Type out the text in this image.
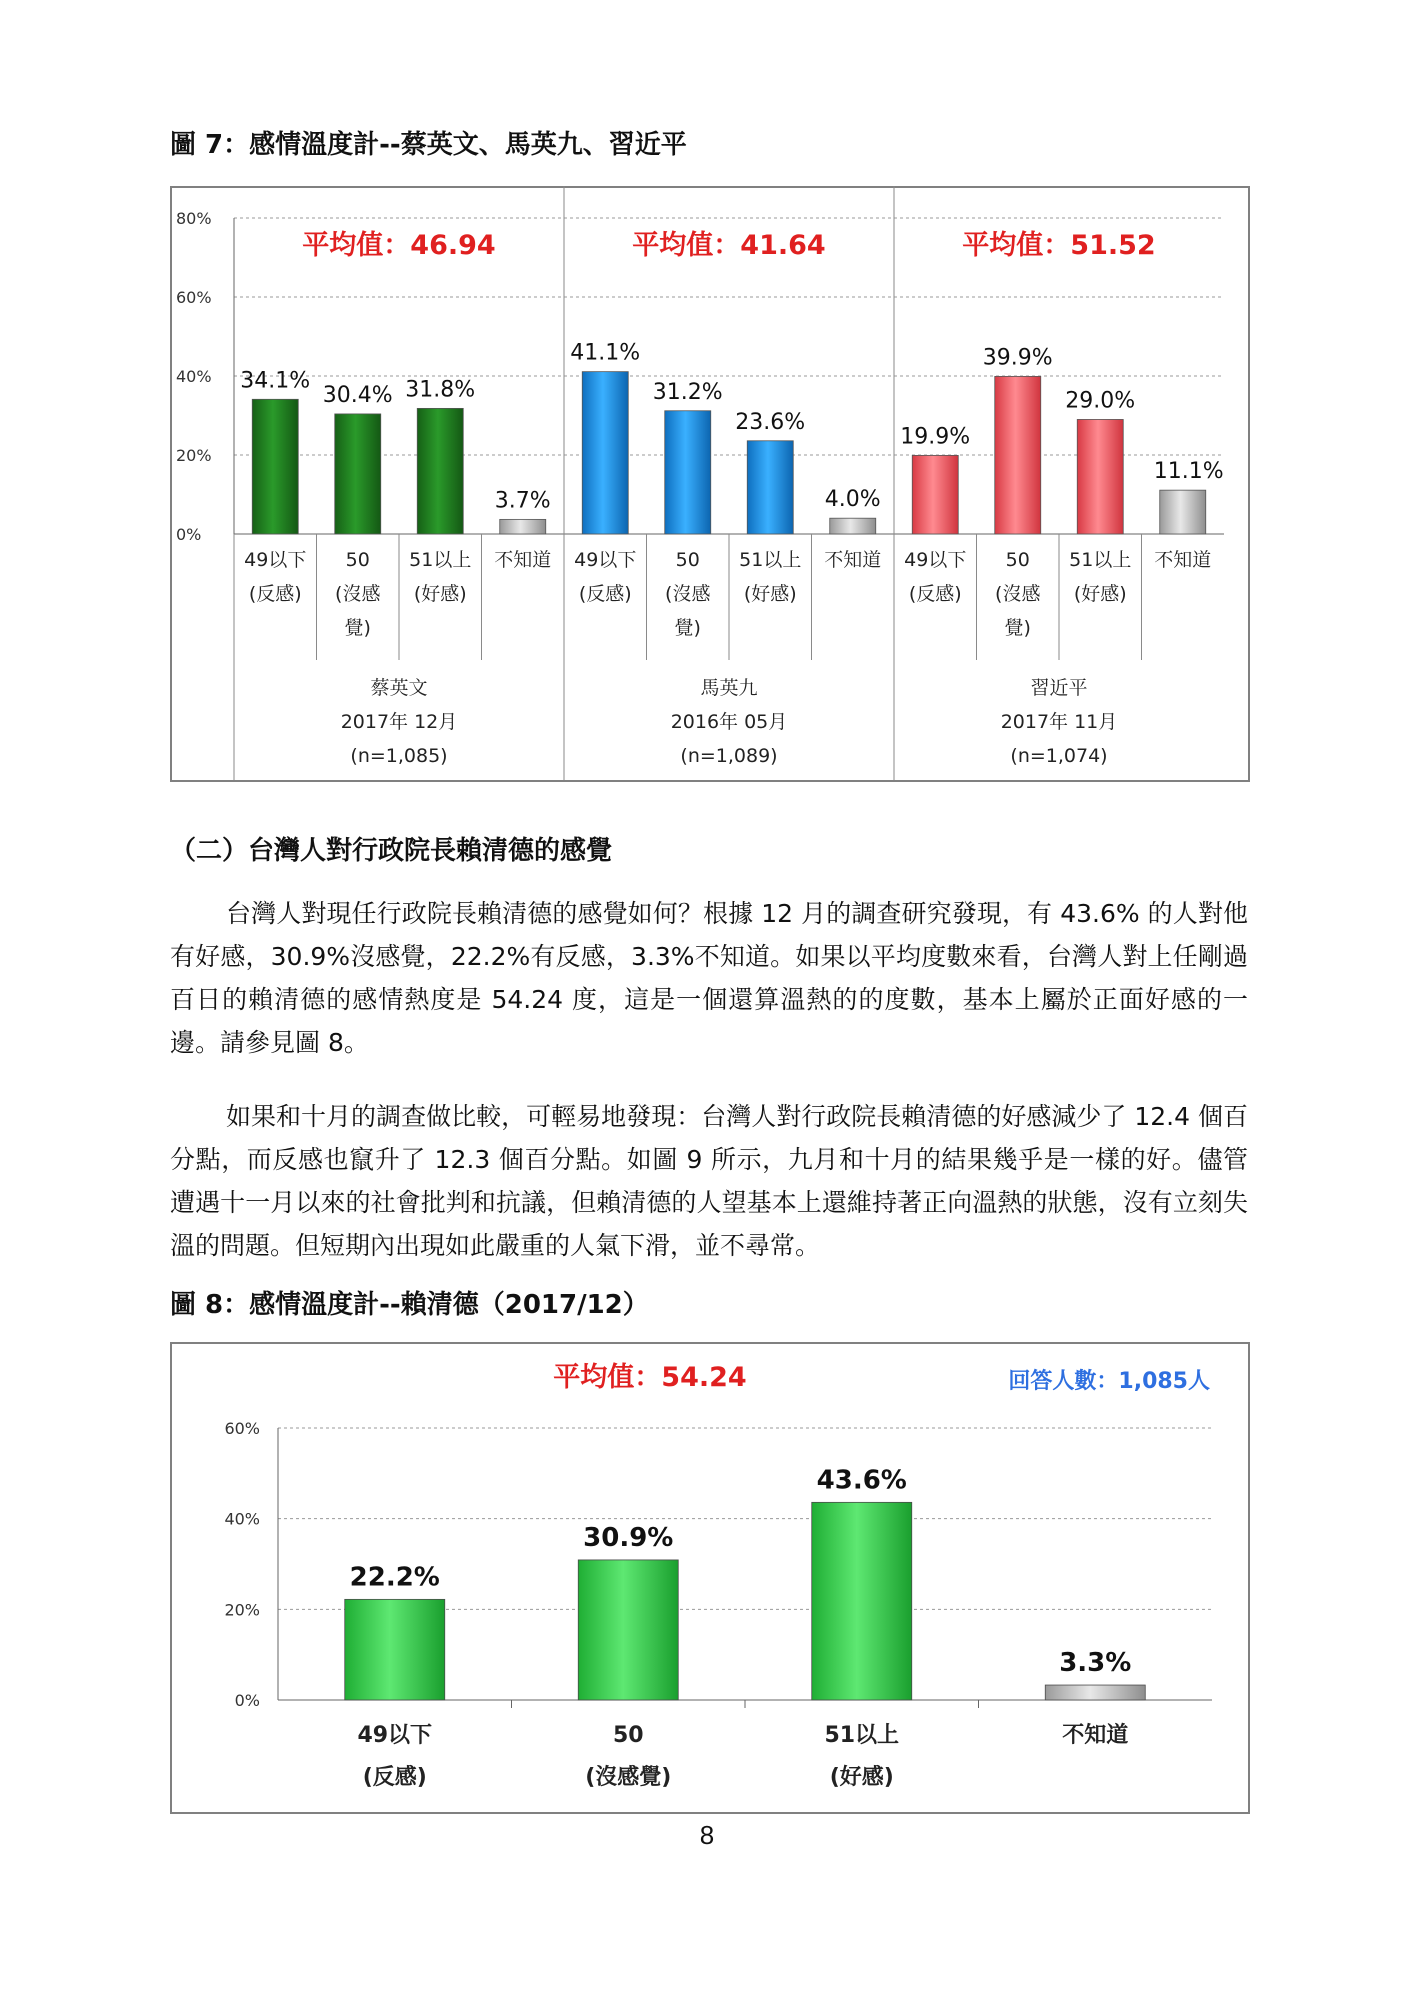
圖 7：感情溫度計--蔡英文、馬英九、習近平
0%
20%
40%
60%
80%
平均值：46.94
34.1%
49以下
(反感)
30.4%
50
(沒感
覺)
31.8%
51以上
(好感)
3.7%
不知道
蔡英文
2017年 12月
(n=1,085)
平均值：41.64
41.1%
49以下
(反感)
31.2%
50
(沒感
覺)
23.6%
51以上
(好感)
4.0%
不知道
馬英九
2016年 05月
(n=1,089)
平均值：51.52
19.9%
49以下
(反感)
39.9%
50
(沒感
覺)
29.0%
51以上
(好感)
11.1%
不知道
習近平
2017年 11月
(n=1,074)
（二）台灣人對行政院長賴清德的感覺

台灣人對現任行政院長賴清德的感覺如何？根據 12 月的調查研究發現，有 43.6% 的人對他有好感，30.9%沒感覺，22.2%有反感，3.3%不知道。如果以平均度數來看，台灣人對上任剛過百日的賴清德的感情熱度是 54.24 度，這是一個還算溫熱的的度數，基本上屬於正面好感的一邊。請參見圖 8。

如果和十月的調查做比較，可輕易地發現：台灣人對行政院長賴清德的好感減少了 12.4 個百分點，而反感也竄升了 12.3 個百分點。如圖 9 所示，九月和十月的結果幾乎是一樣的好。儘管遭遇十一月以來的社會批判和抗議，但賴清德的人望基本上還維持著正向溫熱的狀態，沒有立刻失溫的問題。但短期內出現如此嚴重的人氣下滑，並不尋常。

圖 8：感情溫度計--賴清德（2017/12）
0%
20%
40%
60%
平均值：54.24	回答人數：1,085人
22.2%
49以下
(反感)
30.9%
50
(沒感覺)
43.6%
51以上
(好感)
3.3%
不知道
8
